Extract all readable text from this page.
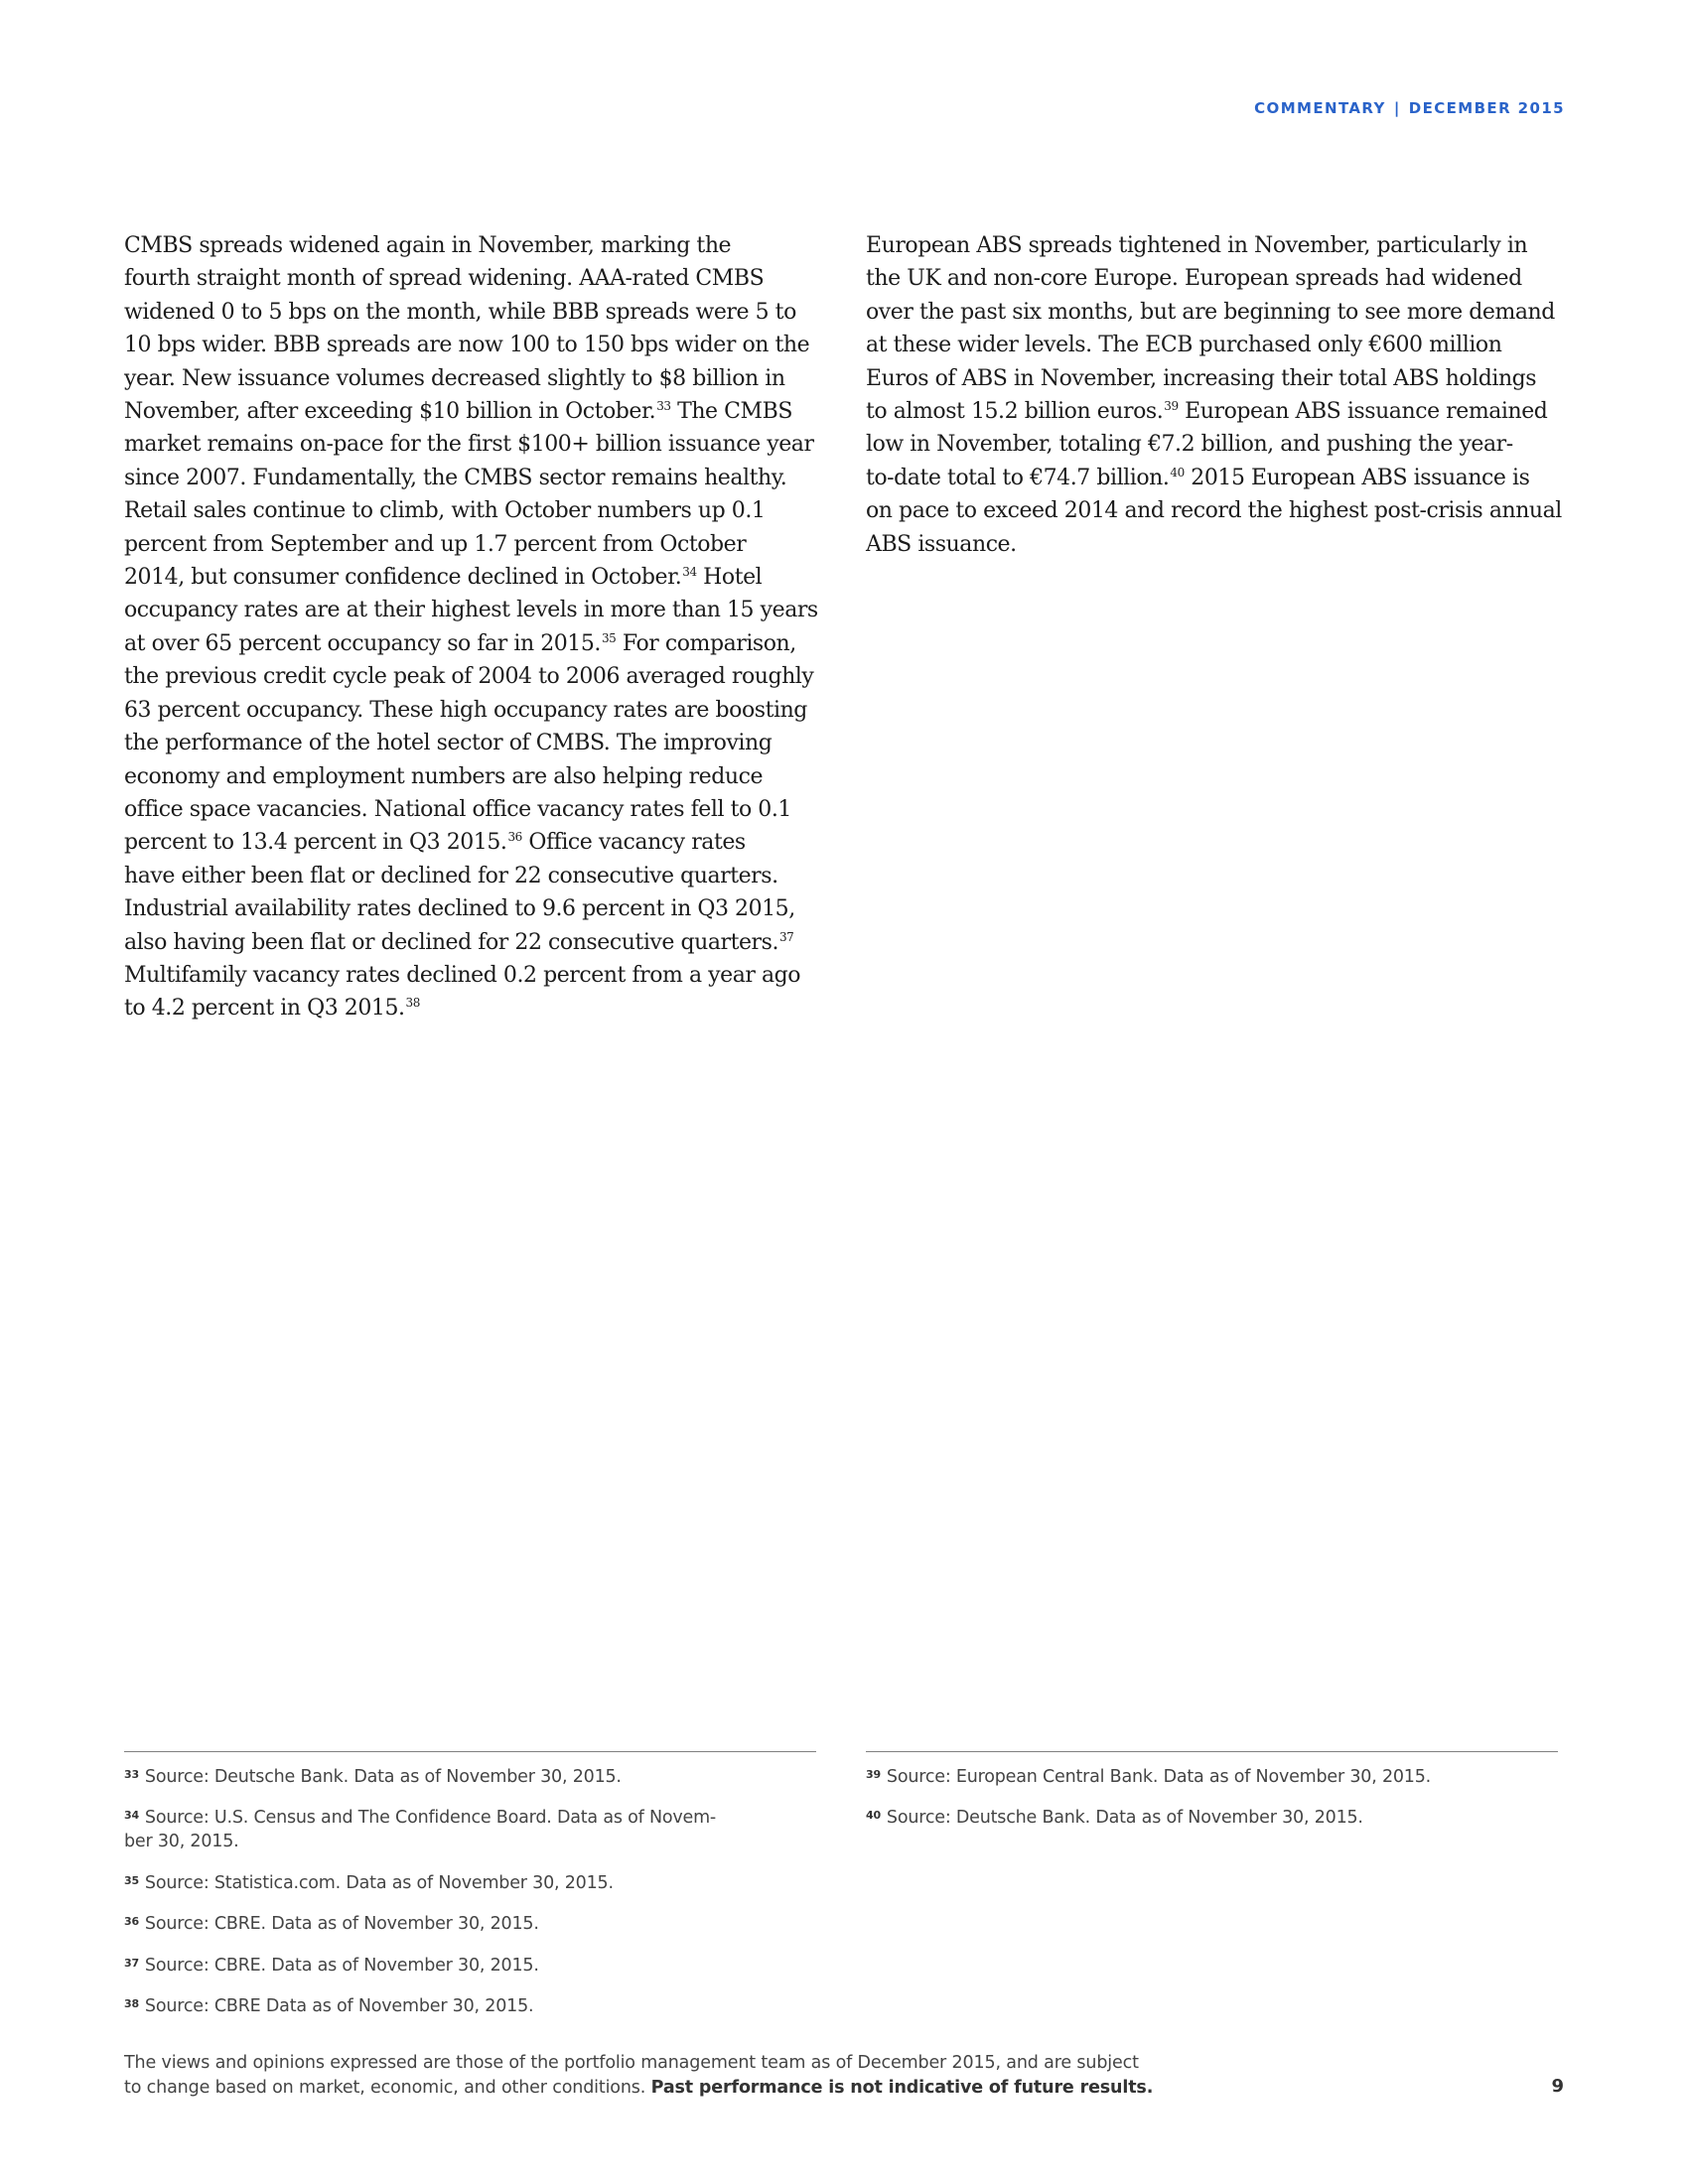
COMMENTARY | DECEMBER 2015
CMBS spreads widened again in November, marking the
fourth straight month of spread widening. AAA-rated CMBS
widened 0 to 5 bps on the month, while BBB spreads were 5 to
10 bps wider. BBB spreads are now 100 to 150 bps wider on the
year. New issuance volumes decreased slightly to $8 billion in
November, after exceeding $10 billion in October.$^{33}$ The CMBS
market remains on-pace for the first $100+ billion issuance year
since 2007. Fundamentally, the CMBS sector remains healthy.
Retail sales continue to climb, with October numbers up 0.1
percent from September and up 1.7 percent from October
2014, but consumer confidence declined in October.$^{34}$ Hotel
occupancy rates are at their highest levels in more than 15 years
at over 65 percent occupancy so far in 2015.35 For comparison,
the previous credit cycle peak of 2004 to 2006 averaged roughly
63 percent occupancy. These high occupancy rates are boosting
the performance of the hotel sector of CMBS. The improving
economy and employment numbers are also helping reduce
office space vacancies. National office vacancy rates fell to 0.1
percent to 13.4 percent in Q3 2015.36 Office vacancy rates
have either been flat or declined for 22 consecutive quarters.
Industrial availability rates declined to 9.6 percent in Q3 2015,
also having been flat or declined for 22 consecutive quarters.$^{37}$
Multifamily vacancy rates declined 0.2 percent from a year ago
to 4.2 percent in Q3 2015.38
European ABS spreads tightened in November, particularly in
the UK and non-core Europe. European spreads had widened
over the past six months, but are beginning to see more demand
at these wider levels. The ECB purchased only €600 million
Euros of ABS in November, increasing their total ABS holdings
to almost 15.2 billion euros.$^{39}$ European ABS issuance remained
low in November, totaling €7.2 billion, and pushing the year-
to-date total to €74.7 billion.$^{40}$ 2015 European ABS issuance is
on pace to exceed 2014 and record the highest post-crisis annual
ABS issuance.
$^{33}$ Source: Deutsche Bank. Data as of November 30, 2015.
$^{34}$ Source: U.S. Census and The Confidence Board. Data as of Novem-
ber 30, 2015.
$^{35}$ Source: Statistica.com. Data as of November 30, 2015.
$^{36}$ Source: CBRE. Data as of November 30, 2015.
$^{37}$ Source: CBRE. Data as of November 30, 2015.
$^{38}$ Source: CBRE Data as of November 30, 2015.
$^{39}$ Source: European Central Bank. Data as of November 30, 2015.
$^{40}$ Source: Deutsche Bank. Data as of November 30, 2015.
The views and opinions expressed are those of the portfolio management team as of December 2015, and are subject
to change based on market, economic, and other conditions. Past performance is not indicative of future results.	9
